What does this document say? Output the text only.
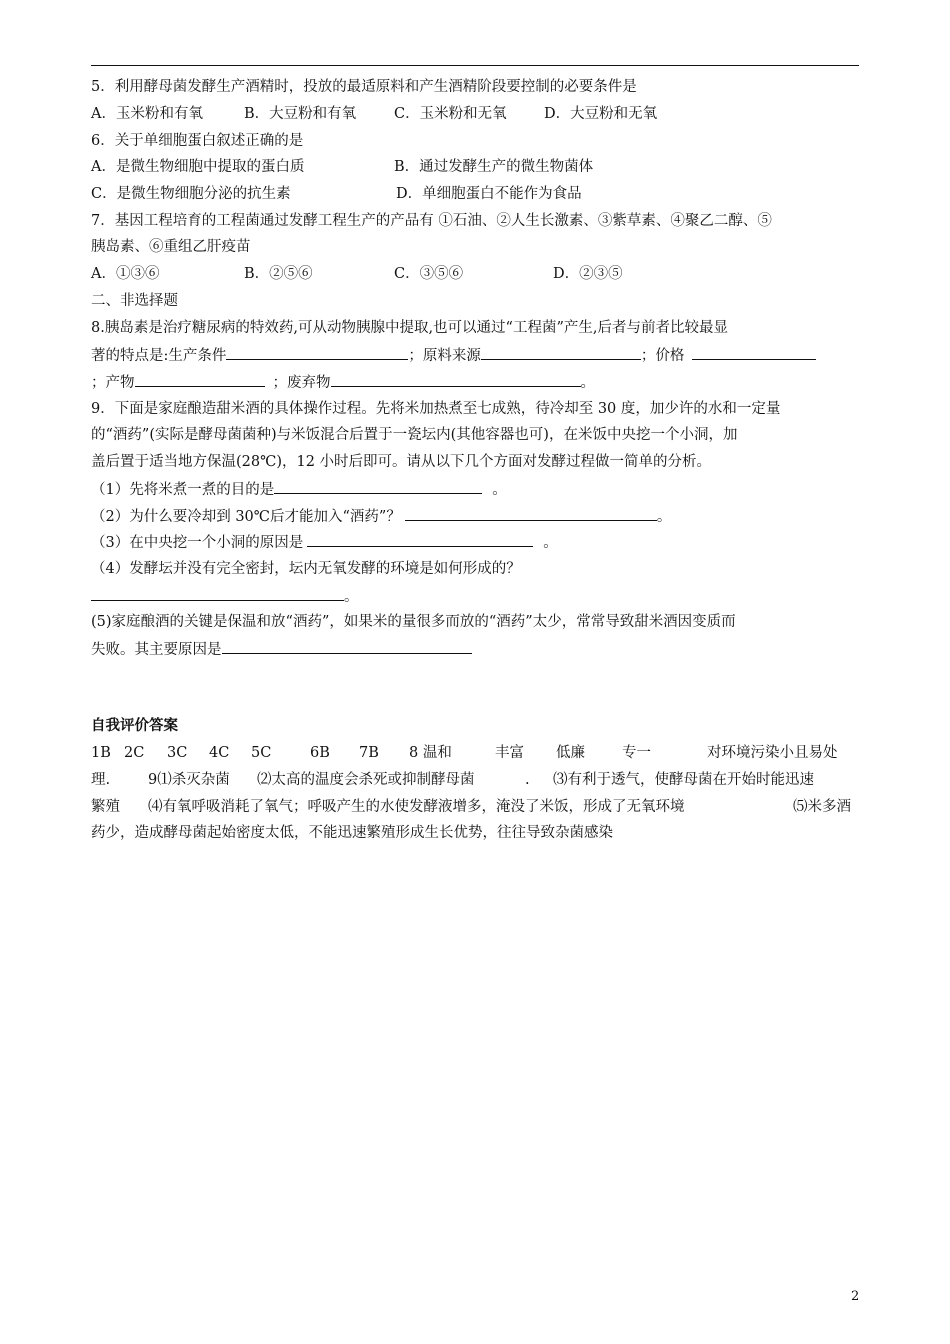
5．利用酵母菌发酵生产酒精时，投放的最适原料和产生酒精阶段要控制的必要条件是
A．玉米粉和有氧	B．大豆粉和有氧	C．玉米粉和无氧	D．大豆粉和无氧
6．关于单细胞蛋白叙述正确的是
A．是微生物细胞中提取的蛋白质	B．通过发酵生产的微生物菌体
C．是微生物细胞分泌的抗生素	D．单细胞蛋白不能作为食品
7．基因工程培育的工程菌通过发酵工程生产的产品有 ①石油、②人生长激素、③紫草素、④聚乙二醇、⑤
胰岛素、⑥重组乙肝疫苗
A．①③⑥	B．②⑤⑥	C．③⑤⑥	D．②③⑤
二、非选择题
8.胰岛素是治疗糖尿病的特效药,可从动物胰腺中提取,也可以通过“工程菌”产生,后者与前者比较最显
著的特点是:生产条件	；原料来源	；价格
；产物	；废弃物	。
9．下面是家庭酿造甜米酒的具体操作过程。先将米加热煮至七成熟，待冷却至 30 度，加少许的水和一定量
的“酒药”(实际是酵母菌菌种)与米饭混合后置于一瓷坛内(其他容器也可)，在米饭中央挖一个小洞，加
盖后置于适当地方保温(28℃)，12 小时后即可。请从以下几个方面对发酵过程做一简单的分析。
（1）先将米煮一煮的目的是	。
（2）为什么要冷却到 30℃后才能加入“酒药”？	。
（3）在中央挖一个小洞的原因是	。
（4）发酵坛并没有完全密封，坛内无氧发酵的环境是如何形成的？
。
(5)家庭酿酒的关键是保温和放“酒药”，如果米的量很多而放的“酒药”太少，常常导致甜米酒因变质而
失败。其主要原因是
自我评价答案
1B 2C 3C 4C 5C	6B 7B 8 温和	丰富 低廉	专一	对环境污染小且易处
理.	9⑴杀灭杂菌 ⑵太高的温度会杀死或抑制酵母菌	. ⑶有利于透气，使酵母菌在开始时能迅速
繁殖 ⑷有氧呼吸消耗了氧气；呼吸产生的水使发酵液增多，淹没了米饭，形成了无氧环境	⑸米多酒
药少，造成酵母菌起始密度太低，不能迅速繁殖形成生长优势，往往导致杂菌感染
2
